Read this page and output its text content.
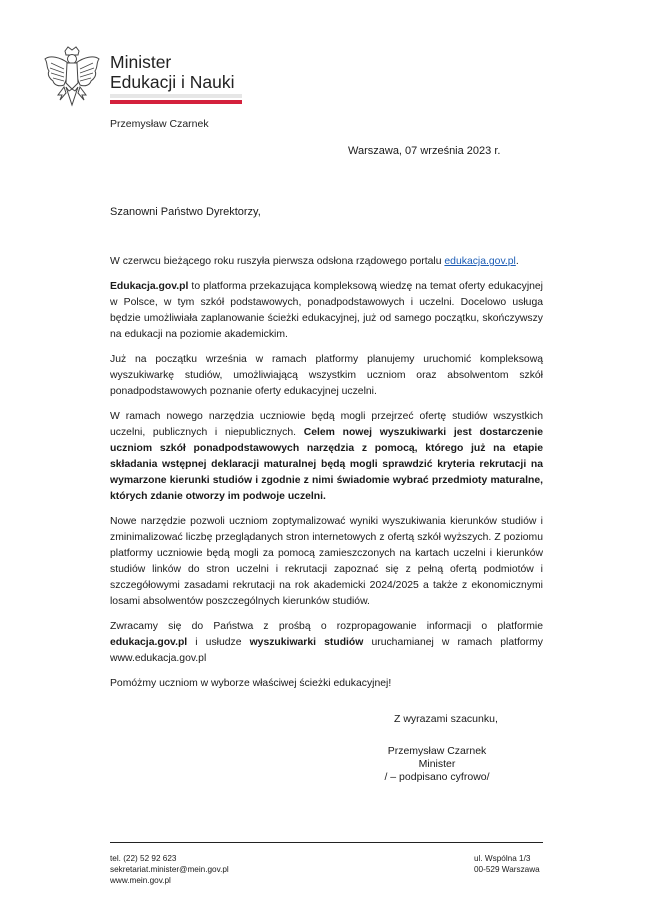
Minister
Edukacji i Nauki
Przemysław Czarnek
Warszawa, 07 września 2023 r.
Szanowni Państwo Dyrektorzy,

W czerwcu bieżącego roku ruszyła pierwsza odsłona rządowego portalu edukacja.gov.pl.

Edukacja.gov.pl to platforma przekazująca kompleksową wiedzę na temat oferty edukacyjnej w Polsce, w tym szkół podstawowych, ponadpodstawowych i uczelni. Docelowo usługa będzie umożliwiała zaplanowanie ścieżki edukacyjnej, już od samego początku, skończywszy na edukacji na poziomie akademickim.

Już na początku września w ramach platformy planujemy uruchomić kompleksową wyszukiwarkę studiów, umożliwiającą wszystkim uczniom oraz absolwentom szkół ponadpodstawowych poznanie oferty edukacyjnej uczelni.

W ramach nowego narzędzia uczniowie będą mogli przejrzeć ofertę studiów wszystkich uczelni, publicznych i niepublicznych. Celem nowej wyszukiwarki jest dostarczenie uczniom szkół ponadpodstawowych narzędzia z pomocą, którego już na etapie składania wstępnej deklaracji maturalnej będą mogli sprawdzić kryteria rekrutacji na wymarzone kierunki studiów i zgodnie z nimi świadomie wybrać przedmioty maturalne, których zdanie otworzy im podwoje uczelni.

Nowe narzędzie pozwoli uczniom zoptymalizować wyniki wyszukiwania kierunków studiów i zminimalizować liczbę przeglądanych stron internetowych z ofertą szkół wyższych. Z poziomu platformy uczniowie będą mogli za pomocą zamieszczonych na kartach uczelni i kierunków studiów linków do stron uczelni i rekrutacji zapoznać się z pełną ofertą podmiotów i szczegółowymi zasadami rekrutacji na rok akademicki 2024/2025 a także z ekonomicznymi losami absolwentów poszczególnych kierunków studiów.

Zwracamy się do Państwa z prośbą o rozpropagowanie informacji o platformie edukacja.gov.pl i usłudze wyszukiwarki studiów uruchamianej w ramach platformy www.edukacja.gov.pl

Pomóżmy uczniom w wyborze właściwej ścieżki edukacyjnej!

Z wyrazami szacunku,
Przemysław Czarnek
Minister
/ – podpisano cyfrowo/
tel. (22) 52 92 623
sekretariat.minister@mein.gov.pl
www.mein.gov.pl
ul. Wspólna 1/3
00-529 Warszawa
